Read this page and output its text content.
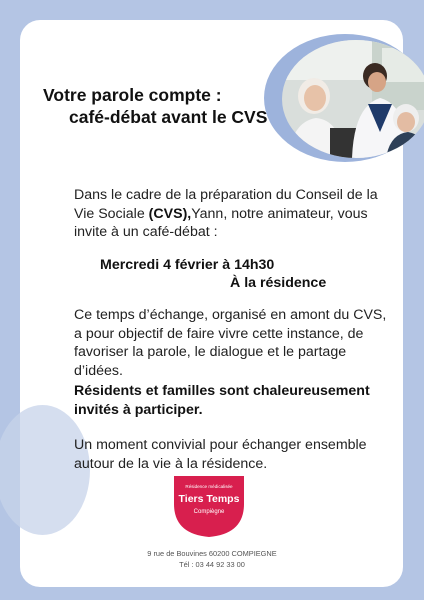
Votre parole compte :
café-débat avant le CVS

Dans le cadre de la préparation du Conseil de la Vie Sociale (CVS),Yann, notre animateur, vous invite à un café-débat :

Mercredi 4 février à 14h30
À la résidence

Ce temps d’échange, organisé en amont du CVS, a pour objectif de faire vivre cette instance, de favoriser la parole, le dialogue et le partage d’idées.

Résidents et familles sont chaleureusement invités à participer.

Un moment convivial pour échanger ensemble autour de la vie à la résidence.

Résidence médicalisée
Tiers Temps
Compiègne
9 rue de Bouvines 60200 COMPIEGNE
Tél : 03 44 92 33 00
